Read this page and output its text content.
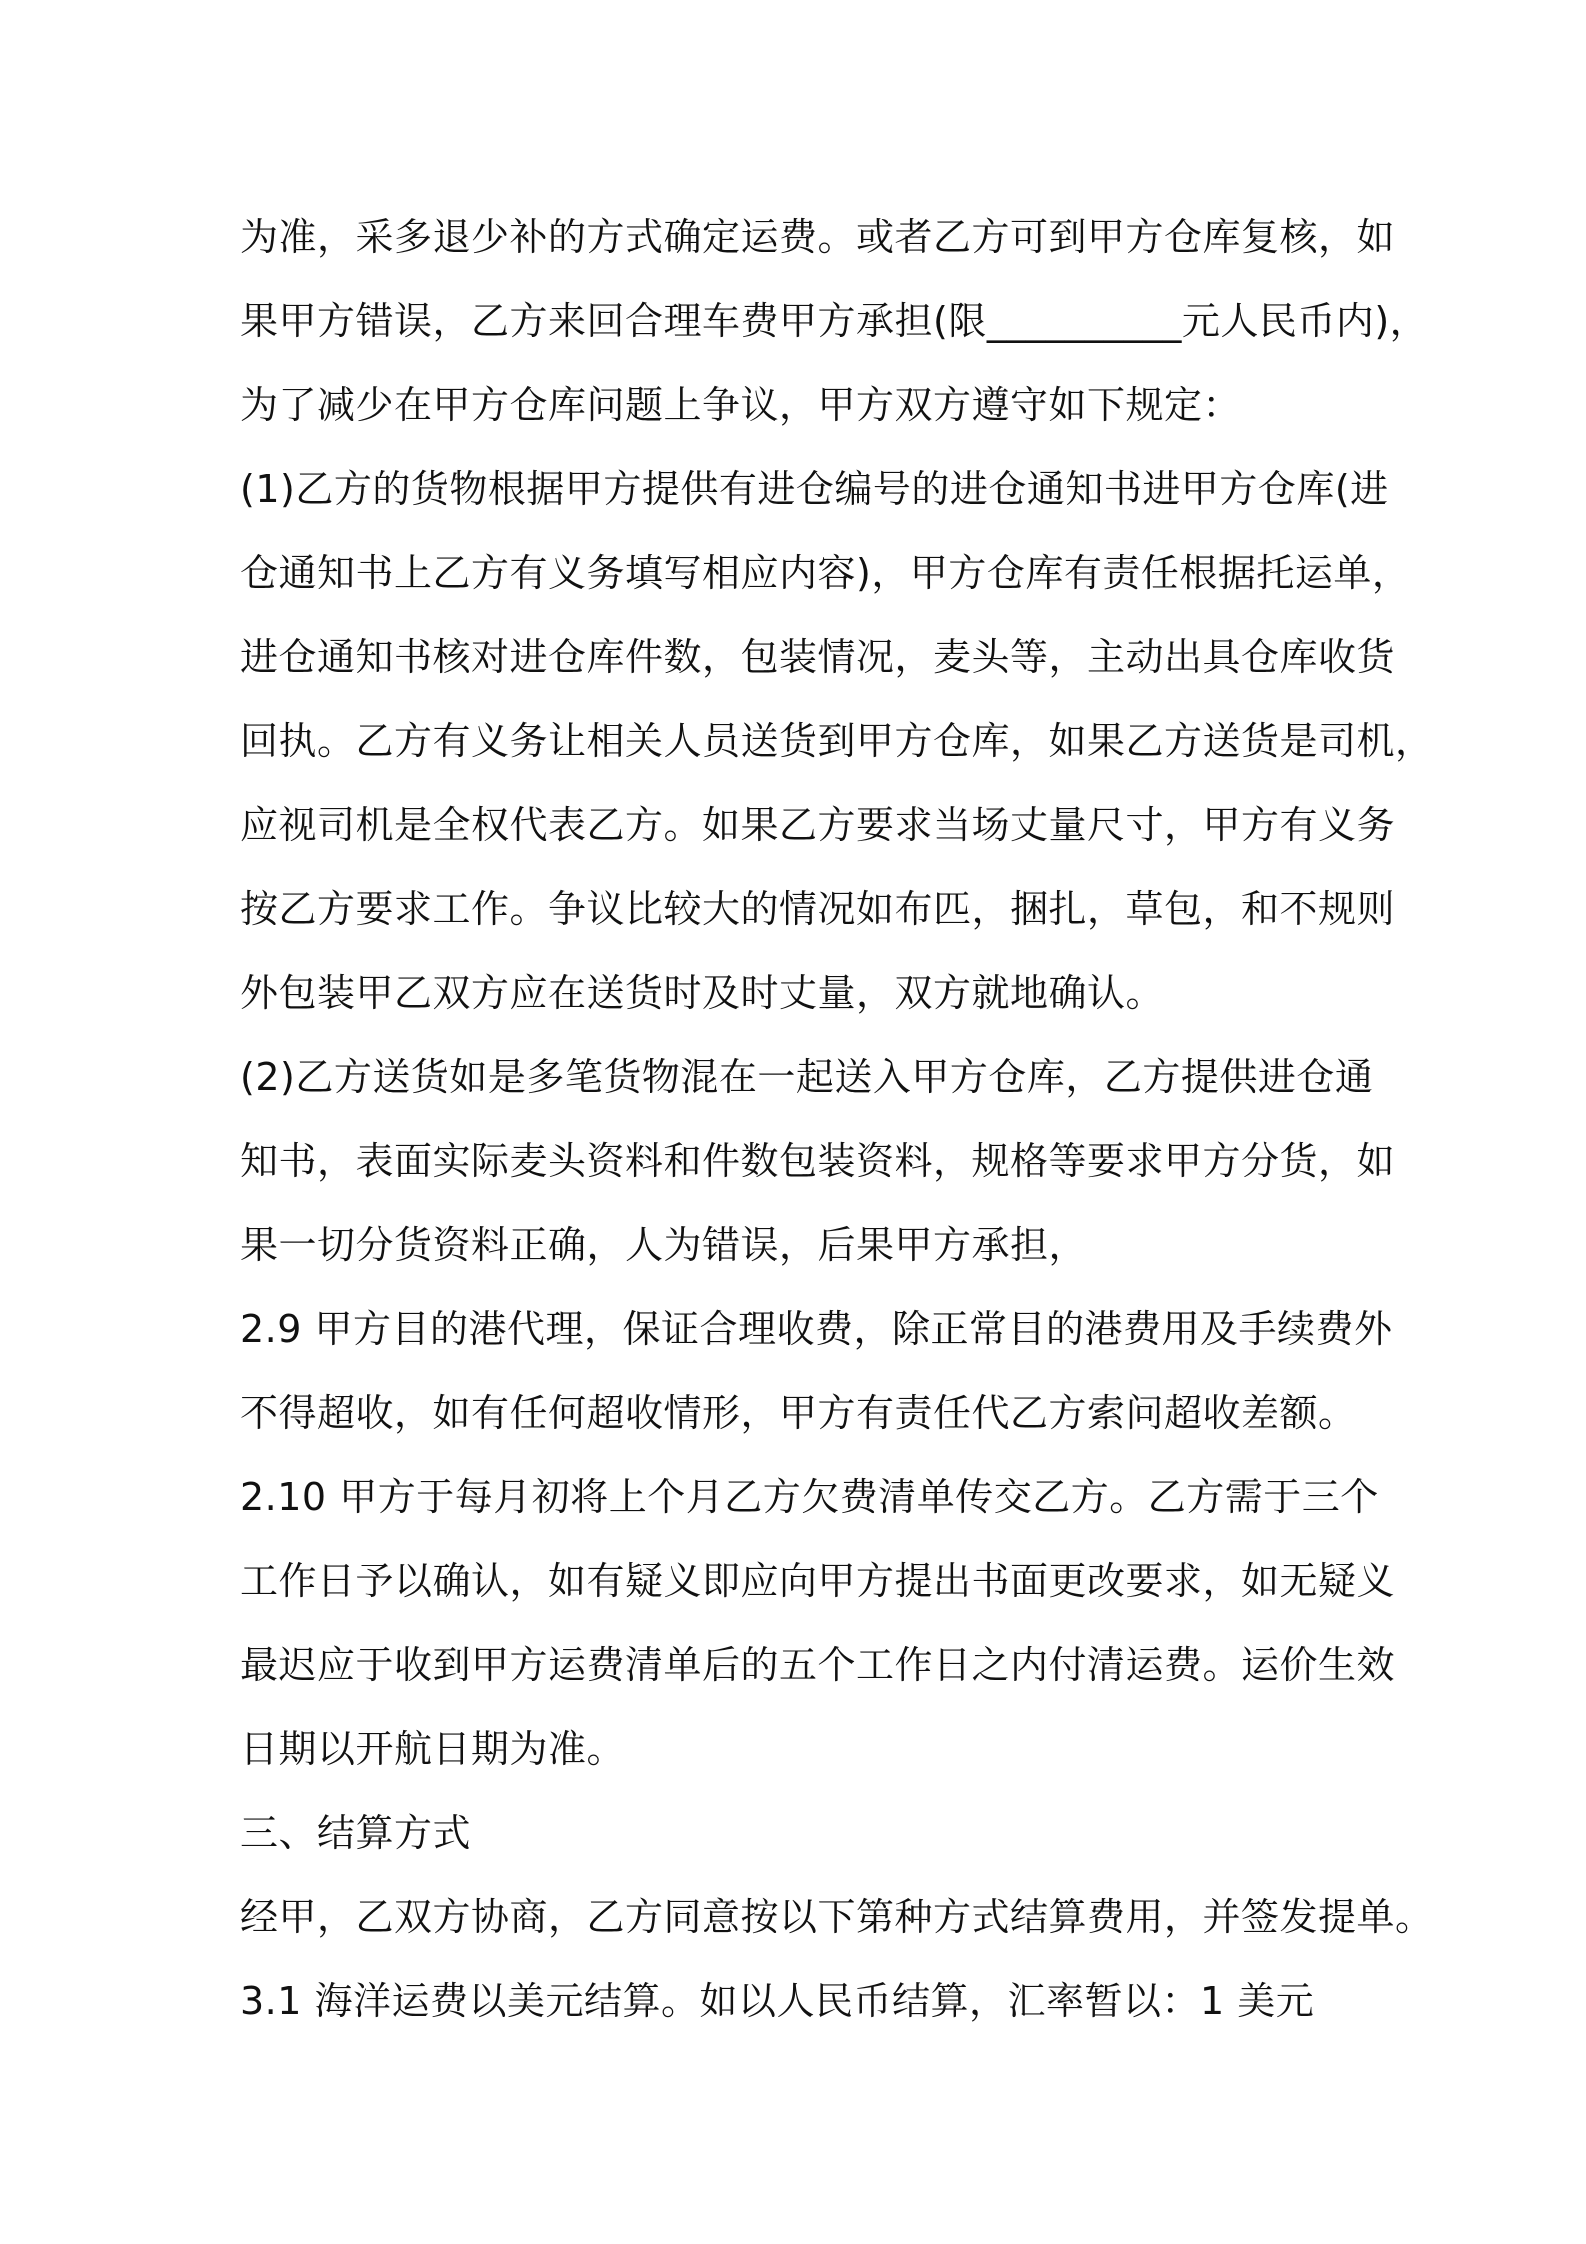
为准，采多退少补的方式确定运费。或者乙方可到甲方仓库复核，如
果甲方错误，乙方来回合理车费甲方承担(限__________元人民币内)，
为了减少在甲方仓库问题上争议，甲方双方遵守如下规定：
(1)乙方的货物根据甲方提供有进仓编号的进仓通知书进甲方仓库(进
仓通知书上乙方有义务填写相应内容)，甲方仓库有责任根据托运单，
进仓通知书核对进仓库件数，包装情况，麦头等，主动出具仓库收货
回执。乙方有义务让相关人员送货到甲方仓库，如果乙方送货是司机，
应视司机是全权代表乙方。如果乙方要求当场丈量尺寸，甲方有义务
按乙方要求工作。争议比较大的情况如布匹，捆扎，草包，和不规则
外包装甲乙双方应在送货时及时丈量，双方就地确认。
(2)乙方送货如是多笔货物混在一起送入甲方仓库，乙方提供进仓通
知书，表面实际麦头资料和件数包装资料，规格等要求甲方分货，如
果一切分货资料正确，人为错误，后果甲方承担，
2.9 甲方目的港代理，保证合理收费，除正常目的港费用及手续费外
不得超收，如有任何超收情形，甲方有责任代乙方索问超收差额。
2.10 甲方于每月初将上个月乙方欠费清单传交乙方。乙方需于三个
工作日予以确认，如有疑义即应向甲方提出书面更改要求，如无疑义
最迟应于收到甲方运费清单后的五个工作日之内付清运费。运价生效
日期以开航日期为准。
三、结算方式
经甲，乙双方协商，乙方同意按以下第种方式结算费用，并签发提单。
3.1 海洋运费以美元结算。如以人民币结算，汇率暂以：1 美元
